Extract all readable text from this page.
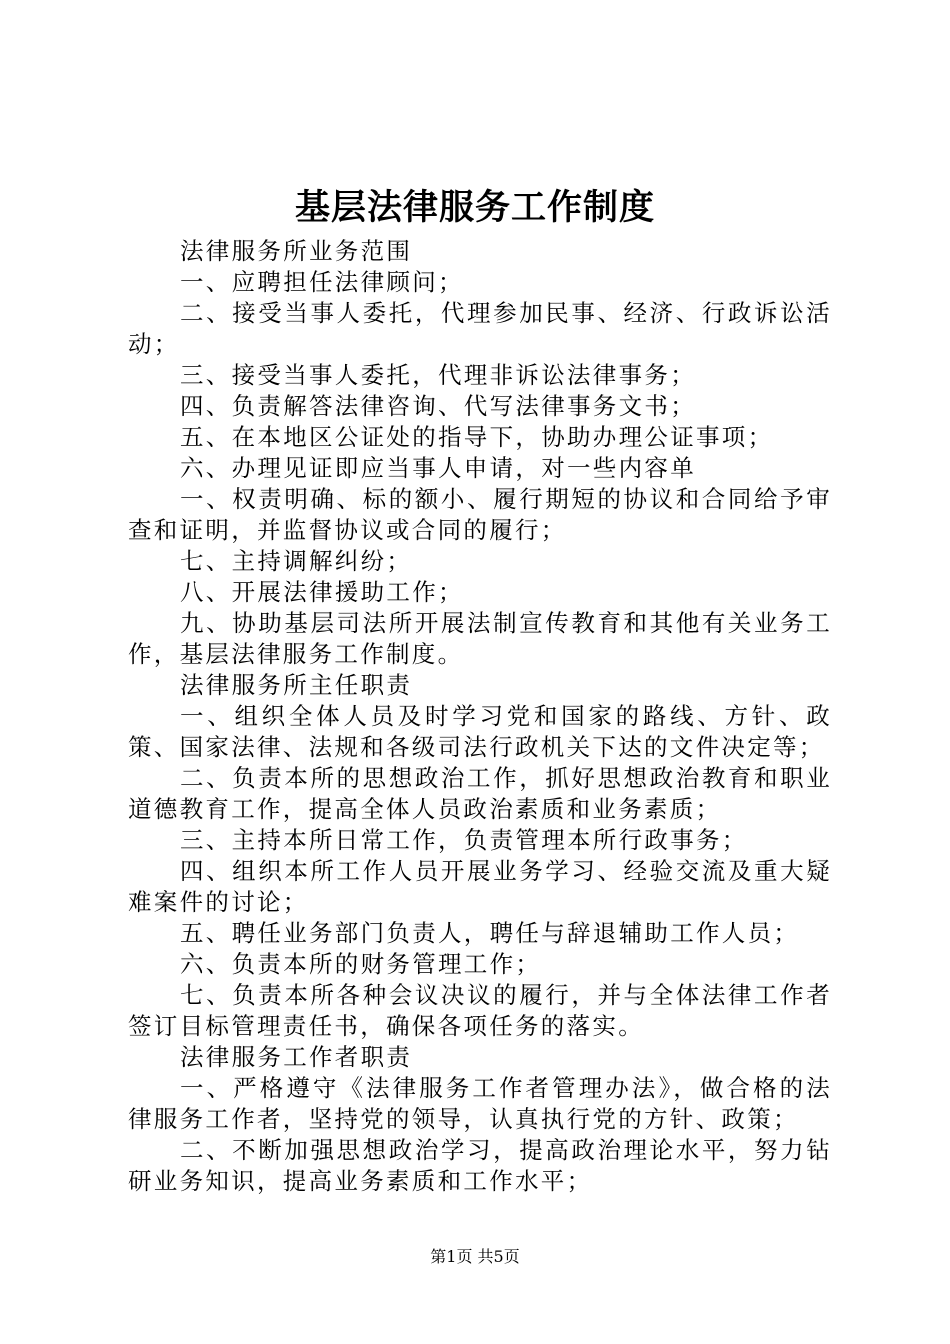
基层法律服务工作制度

法律服务所业务范围

一、应聘担任法律顾问；

二、接受当事人委托，代理参加民事、经济、行政诉讼活动；

三、接受当事人委托，代理非诉讼法律事务；

四、负责解答法律咨询、代写法律事务文书；

五、在本地区公证处的指导下，协助办理公证事项；

六、办理见证即应当事人申请，对一些内容单

一、权责明确、标的额小、履行期短的协议和合同给予审查和证明，并监督协议或合同的履行；

七、主持调解纠纷；

八、开展法律援助工作；

九、协助基层司法所开展法制宣传教育和其他有关业务工作，基层法律服务工作制度。

法律服务所主任职责

一、组织全体人员及时学习党和国家的路线、方针、政策、国家法律、法规和各级司法行政机关下达的文件决定等；

二、负责本所的思想政治工作，抓好思想政治教育和职业道德教育工作，提高全体人员政治素质和业务素质；

三、主持本所日常工作，负责管理本所行政事务；

四、组织本所工作人员开展业务学习、经验交流及重大疑难案件的讨论；

五、聘任业务部门负责人，聘任与辞退辅助工作人员；

六、负责本所的财务管理工作；

七、负责本所各种会议决议的履行，并与全体法律工作者签订目标管理责任书，确保各项任务的落实。

法律服务工作者职责

一、严格遵守《法律服务工作者管理办法》，做合格的法律服务工作者，坚持党的领导，认真执行党的方针、政策；

二、不断加强思想政治学习，提高政治理论水平，努力钻研业务知识，提高业务素质和工作水平；

第1页 共5页
